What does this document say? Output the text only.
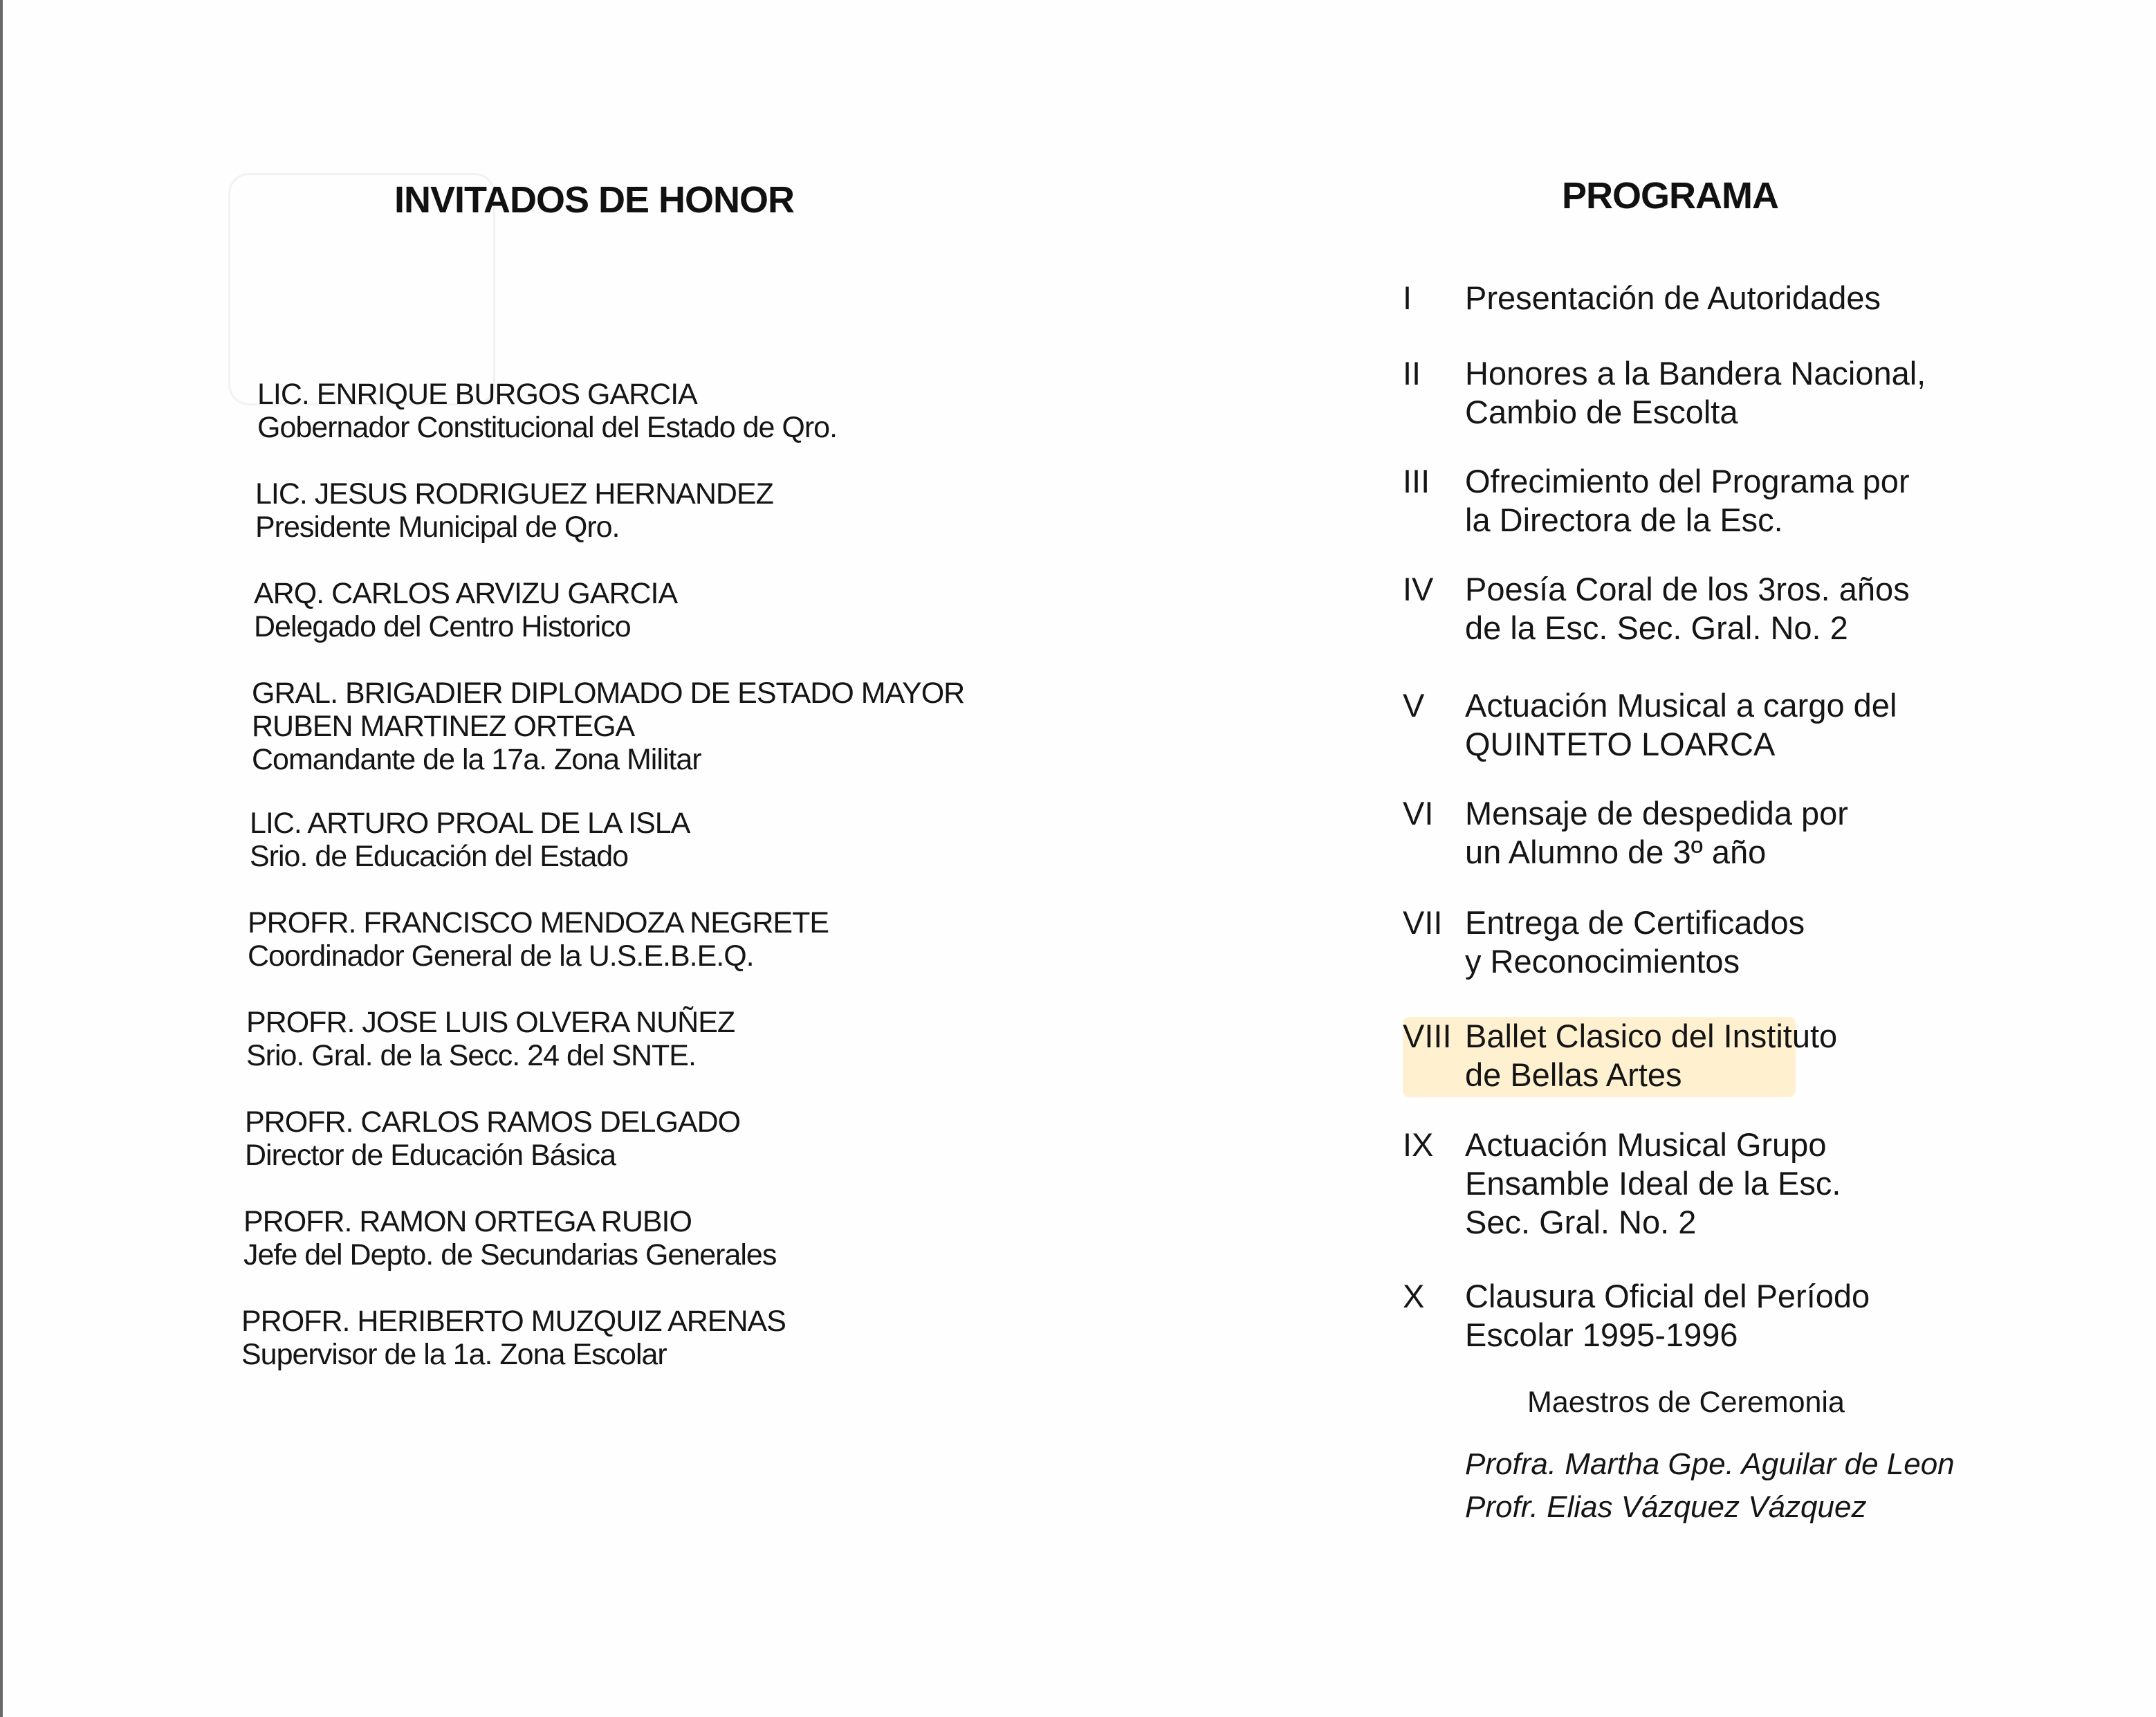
INVITADOS DE HONOR
LIC. ENRIQUE BURGOS GARCIA
Gobernador Constitucional del Estado de Qro.
LIC. JESUS RODRIGUEZ HERNANDEZ
Presidente Municipal de Qro.
ARQ. CARLOS ARVIZU GARCIA
Delegado del Centro Historico
GRAL. BRIGADIER DIPLOMADO DE ESTADO MAYOR
RUBEN MARTINEZ ORTEGA
Comandante de la 17a. Zona Militar
LIC. ARTURO PROAL DE LA ISLA
Srio. de Educación del Estado
PROFR. FRANCISCO MENDOZA NEGRETE
Coordinador General de la U.S.E.B.E.Q.
PROFR. JOSE LUIS OLVERA NUÑEZ
Srio. Gral. de la Secc. 24 del SNTE.
PROFR. CARLOS RAMOS DELGADO
Director de Educación Básica
PROFR. RAMON ORTEGA RUBIO
Jefe del Depto. de Secundarias Generales
PROFR. HERIBERTO MUZQUIZ ARENAS
Supervisor de la 1a. Zona Escolar
PROGRAMA
I Presentación de Autoridades
II Honores a la Bandera Nacional,
Cambio de Escolta
III Ofrecimiento del Programa por
la Directora de la Esc.
IV Poesía Coral de los 3ros. años
de la Esc. Sec. Gral. No. 2
V Actuación Musical a cargo del
QUINTETO LOARCA
VI Mensaje de despedida por
un Alumno de 3º año
VII Entrega de Certificados
y Reconocimientos
VIII Ballet Clasico del Instituto
de Bellas Artes
IX Actuación Musical Grupo
Ensamble Ideal de la Esc.
Sec. Gral. No. 2
X Clausura Oficial del Período
Escolar 1995-1996
Maestros de Ceremonia
Profra. Martha Gpe. Aguilar de Leon
Profr. Elias Vázquez Vázquez
